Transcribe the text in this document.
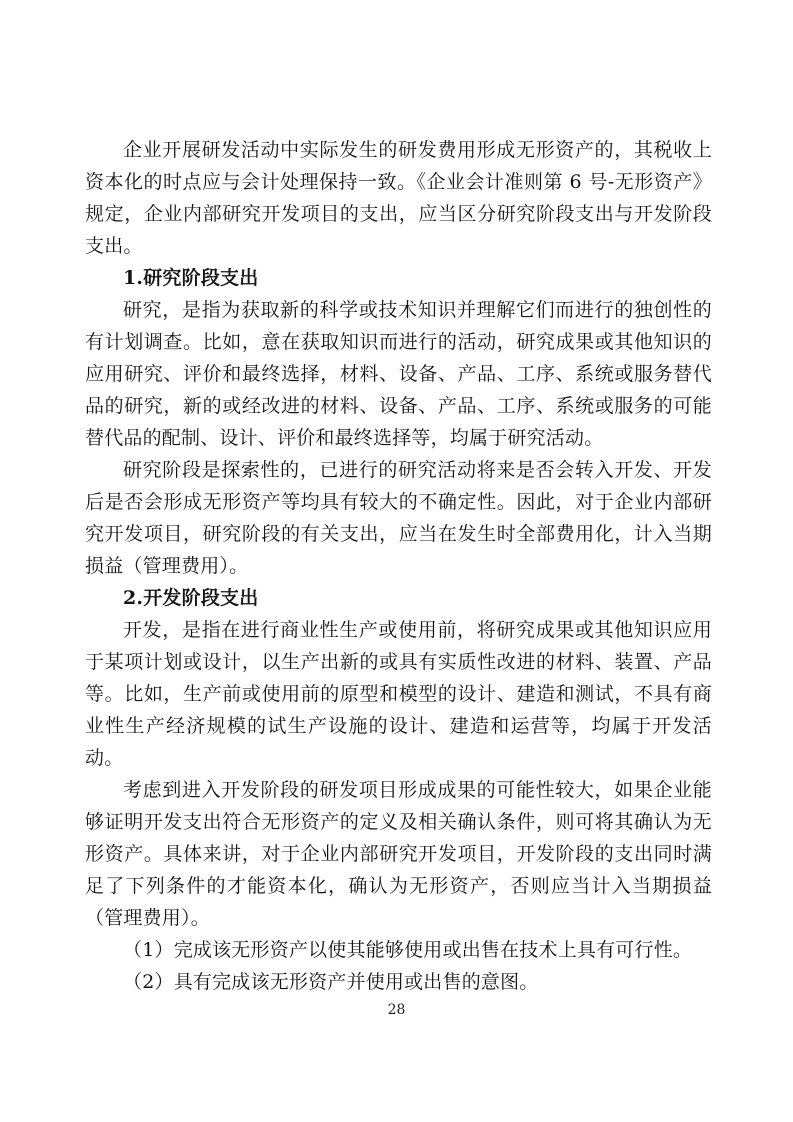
企业开展研发活动中实际发生的研发费用形成无形资产的，其税收上资本化的时点应与会计处理保持一致。《企业会计准则第 6 号-无形资产》规定，企业内部研究开发项目的支出，应当区分研究阶段支出与开发阶段支出。

1.研究阶段支出

研究，是指为获取新的科学或技术知识并理解它们而进行的独创性的有计划调查。比如，意在获取知识而进行的活动，研究成果或其他知识的应用研究、评价和最终选择，材料、设备、产品、工序、系统或服务替代品的研究，新的或经改进的材料、设备、产品、工序、系统或服务的可能替代品的配制、设计、评价和最终选择等，均属于研究活动。

研究阶段是探索性的，已进行的研究活动将来是否会转入开发、开发后是否会形成无形资产等均具有较大的不确定性。因此，对于企业内部研究开发项目，研究阶段的有关支出，应当在发生时全部费用化，计入当期损益（管理费用）。

2.开发阶段支出

开发，是指在进行商业性生产或使用前，将研究成果或其他知识应用于某项计划或设计，以生产出新的或具有实质性改进的材料、装置、产品等。比如，生产前或使用前的原型和模型的设计、建造和测试，不具有商业性生产经济规模的试生产设施的设计、建造和运营等，均属于开发活动。

考虑到进入开发阶段的研发项目形成成果的可能性较大，如果企业能够证明开发支出符合无形资产的定义及相关确认条件，则可将其确认为无形资产。具体来讲，对于企业内部研究开发项目，开发阶段的支出同时满足了下列条件的才能资本化，确认为无形资产，否则应当计入当期损益（管理费用）。

（1）完成该无形资产以使其能够使用或出售在技术上具有可行性。

（2）具有完成该无形资产并使用或出售的意图。

28
